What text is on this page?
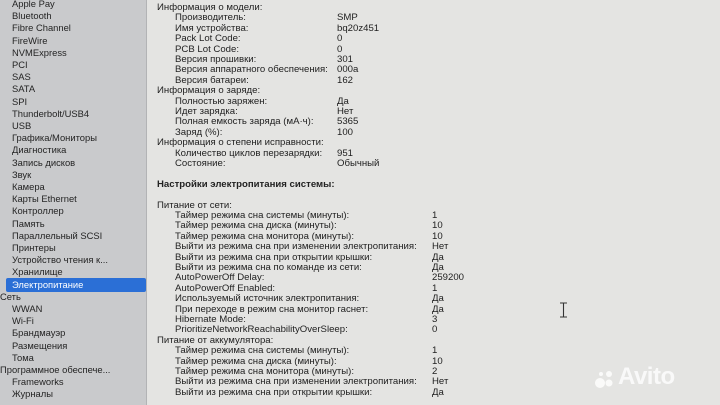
Apple Pay
Bluetooth
Fibre Channel
FireWire
NVMExpress
PCI
SAS
SATA
SPI
Thunderbolt/USB4
USB
Графика/Мониторы
Диагностика
Запись дисков
Звук
Камера
Карты Ethernet
Контроллер
Память
Параллельный SCSI
Принтеры
Устройство чтения к...
Хранилище
Электропитание
Сеть
WWAN
Wi-Fi
Брандмауэр
Размещения
Тома
Программное обеспече...
Frameworks
Журналы
Информация о модели:
Производитель:	SMP
Имя устройства:	bq20z451
Pack Lot Code:	0
PCB Lot Code:	0
Версия прошивки:	301
Версия аппаратного обеспечения: 000a
Версия батареи:	162
Информация о заряде:
Полностью заряжен:	Да
Идет зарядка:	Нет
Полная емкость заряда (мА·ч): 5365
Заряд (%):	100
Информация о степени исправности:
Количество циклов перезарядки: 951
Состояние:	Обычный
Настройки электропитания системы:
Питание от сети:
Таймер режима сна системы (минуты):	1
Таймер режима сна диска (минуты):	10
Таймер режима сна монитора (минуты):	10
Выйти из режима сна при изменении электропитания: Нет
Выйти из режима сна при открытии крышки:	Да
Выйти из режима сна по команде из сети:	Да
AutoPowerOff Delay:	259200
AutoPowerOff Enabled:	1
Используемый источник электропитания:	Да
При переходе в режим сна монитор гаснет:	Да
Hibernate Mode:	3
PrioritizeNetworkReachabilityOverSleep:	0
Питание от аккумулятора:
Таймер режима сна системы (минуты):	1
Таймер режима сна диска (минуты):	10
Таймер режима сна монитора (минуты):	2
Выйти из режима сна при изменении электропитания: Нет
Выйти из режима сна при открытии крышки:	Да
Avito
